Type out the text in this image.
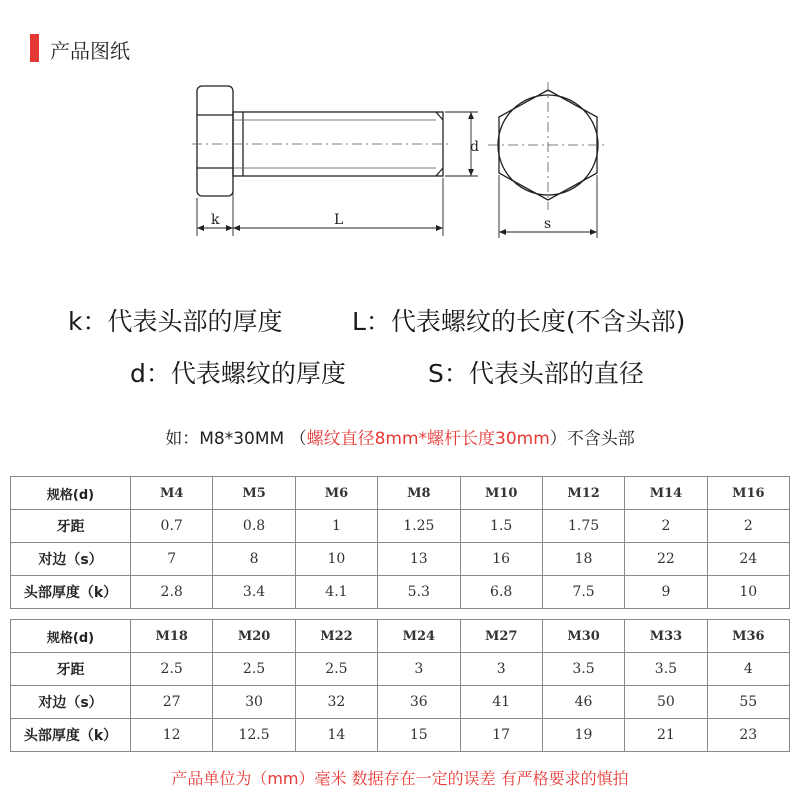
产品图纸
k	L
d
s
k：代表头部的厚度	L：代表螺纹的长度(不含头部)
d：代表螺纹的厚度	S：代表头部的直径
如：M8*30MM （螺纹直径8mm*螺杆长度30mm）不含头部
规格(d)	M4	M5	M6	M8	M10	M12	M14	M16
牙距	0.7	0.8	1	1.25	1.5	1.75	2	2
对边（s）	7	8	10	13	16	18	22	24
头部厚度（k）	2.8	3.4	4.1	5.3	6.8	7.5	9	10
规格(d)	M18	M20	M22	M24	M27	M30	M33	M36
牙距	2.5	2.5	2.5	3	3	3.5	3.5	4
对边（s）	27	30	32	36	41	46	50	55
头部厚度（k）	12	12.5	14	15	17	19	21	23
产品单位为（mm）毫米 数据存在一定的误差 有严格要求的慎拍
